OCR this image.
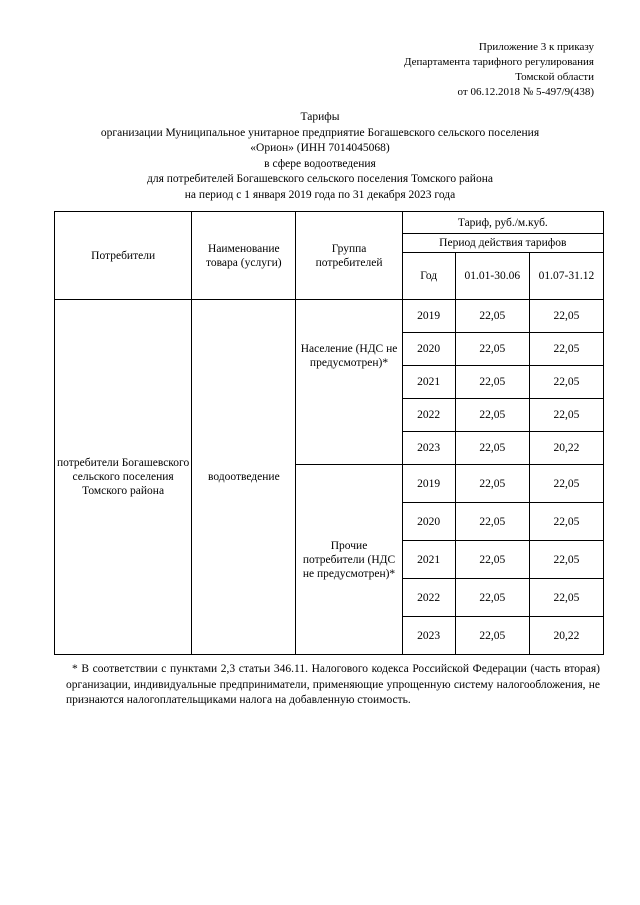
Приложение 3 к приказу
Департамента тарифного регулирования
Томской области
от 06.12.2018 № 5-497/9(438)
Тарифы
организации Муниципальное унитарное предприятие Богашевского сельского поселения
«Орион» (ИНН 7014045068)
в сфере водоотведения
для потребителей Богашевского сельского поселения Томского района
на период с 1 января 2019 года по 31 декабря 2023 года
Потребители	Наименование товара (услуги)	Группа потребителей	Тариф, руб./м.куб.		
			Период действия тарифов		
			Год	01.01-30.06	01.07-31.12
потребители Богашевского сельского поселения Томского района	водоотведение	Население (НДС не предусмотрен)*	2019	22,05	22,05
			2020	22,05	22,05
			2021	22,05	22,05
			2022	22,05	22,05
			2023	22,05	20,22
		Прочие потребители (НДС не предусмотрен)*	2019	22,05	22,05
			2020	22,05	22,05
			2021	22,05	22,05
			2022	22,05	22,05
			2023	22,05	20,22
* В соответствии с пунктами 2,3 статьи 346.11. Налогового кодекса Российской Федерации (часть вторая) организации, индивидуальные предприниматели, применяющие упрощенную систему налогообложения, не признаются налогоплательщиками налога на добавленную стоимость.
